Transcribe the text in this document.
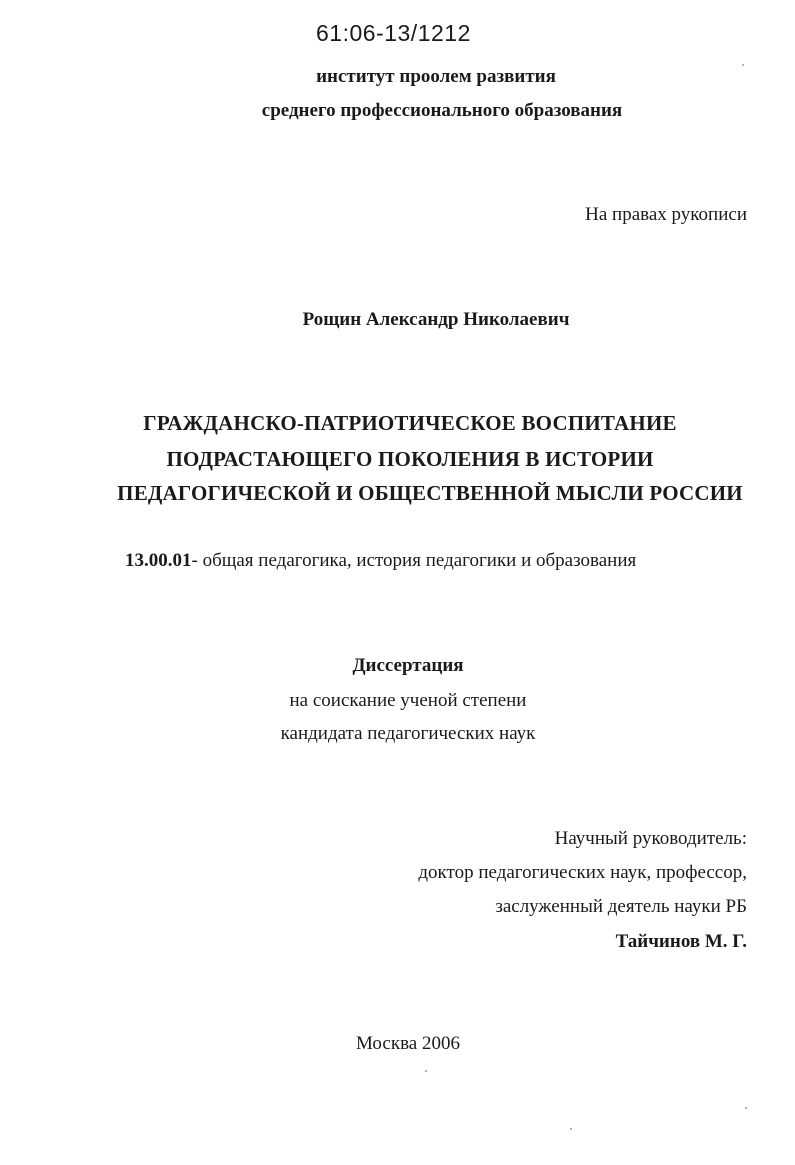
61:06-13/1212
институт проолем развития
среднего профессионального образования
На правах рукописи
Рощин Александр Николаевич
ГРАЖДАНСКО-ПАТРИОТИЧЕСКОЕ ВОСПИТАНИЕ
ПОДРАСТАЮЩЕГО ПОКОЛЕНИЯ В ИСТОРИИ
ПЕДАГОГИЧЕСКОЙ И ОБЩЕСТВЕННОЙ МЫСЛИ РОССИИ
13.00.01- общая педагогика, история педагогики и образования
Диссертация
на соискание ученой степени
кандидата педагогических наук
Научный руководитель:
доктор педагогических наук, профессор,
заслуженный деятель науки РБ
Тайчинов М. Г.
Москва 2006
